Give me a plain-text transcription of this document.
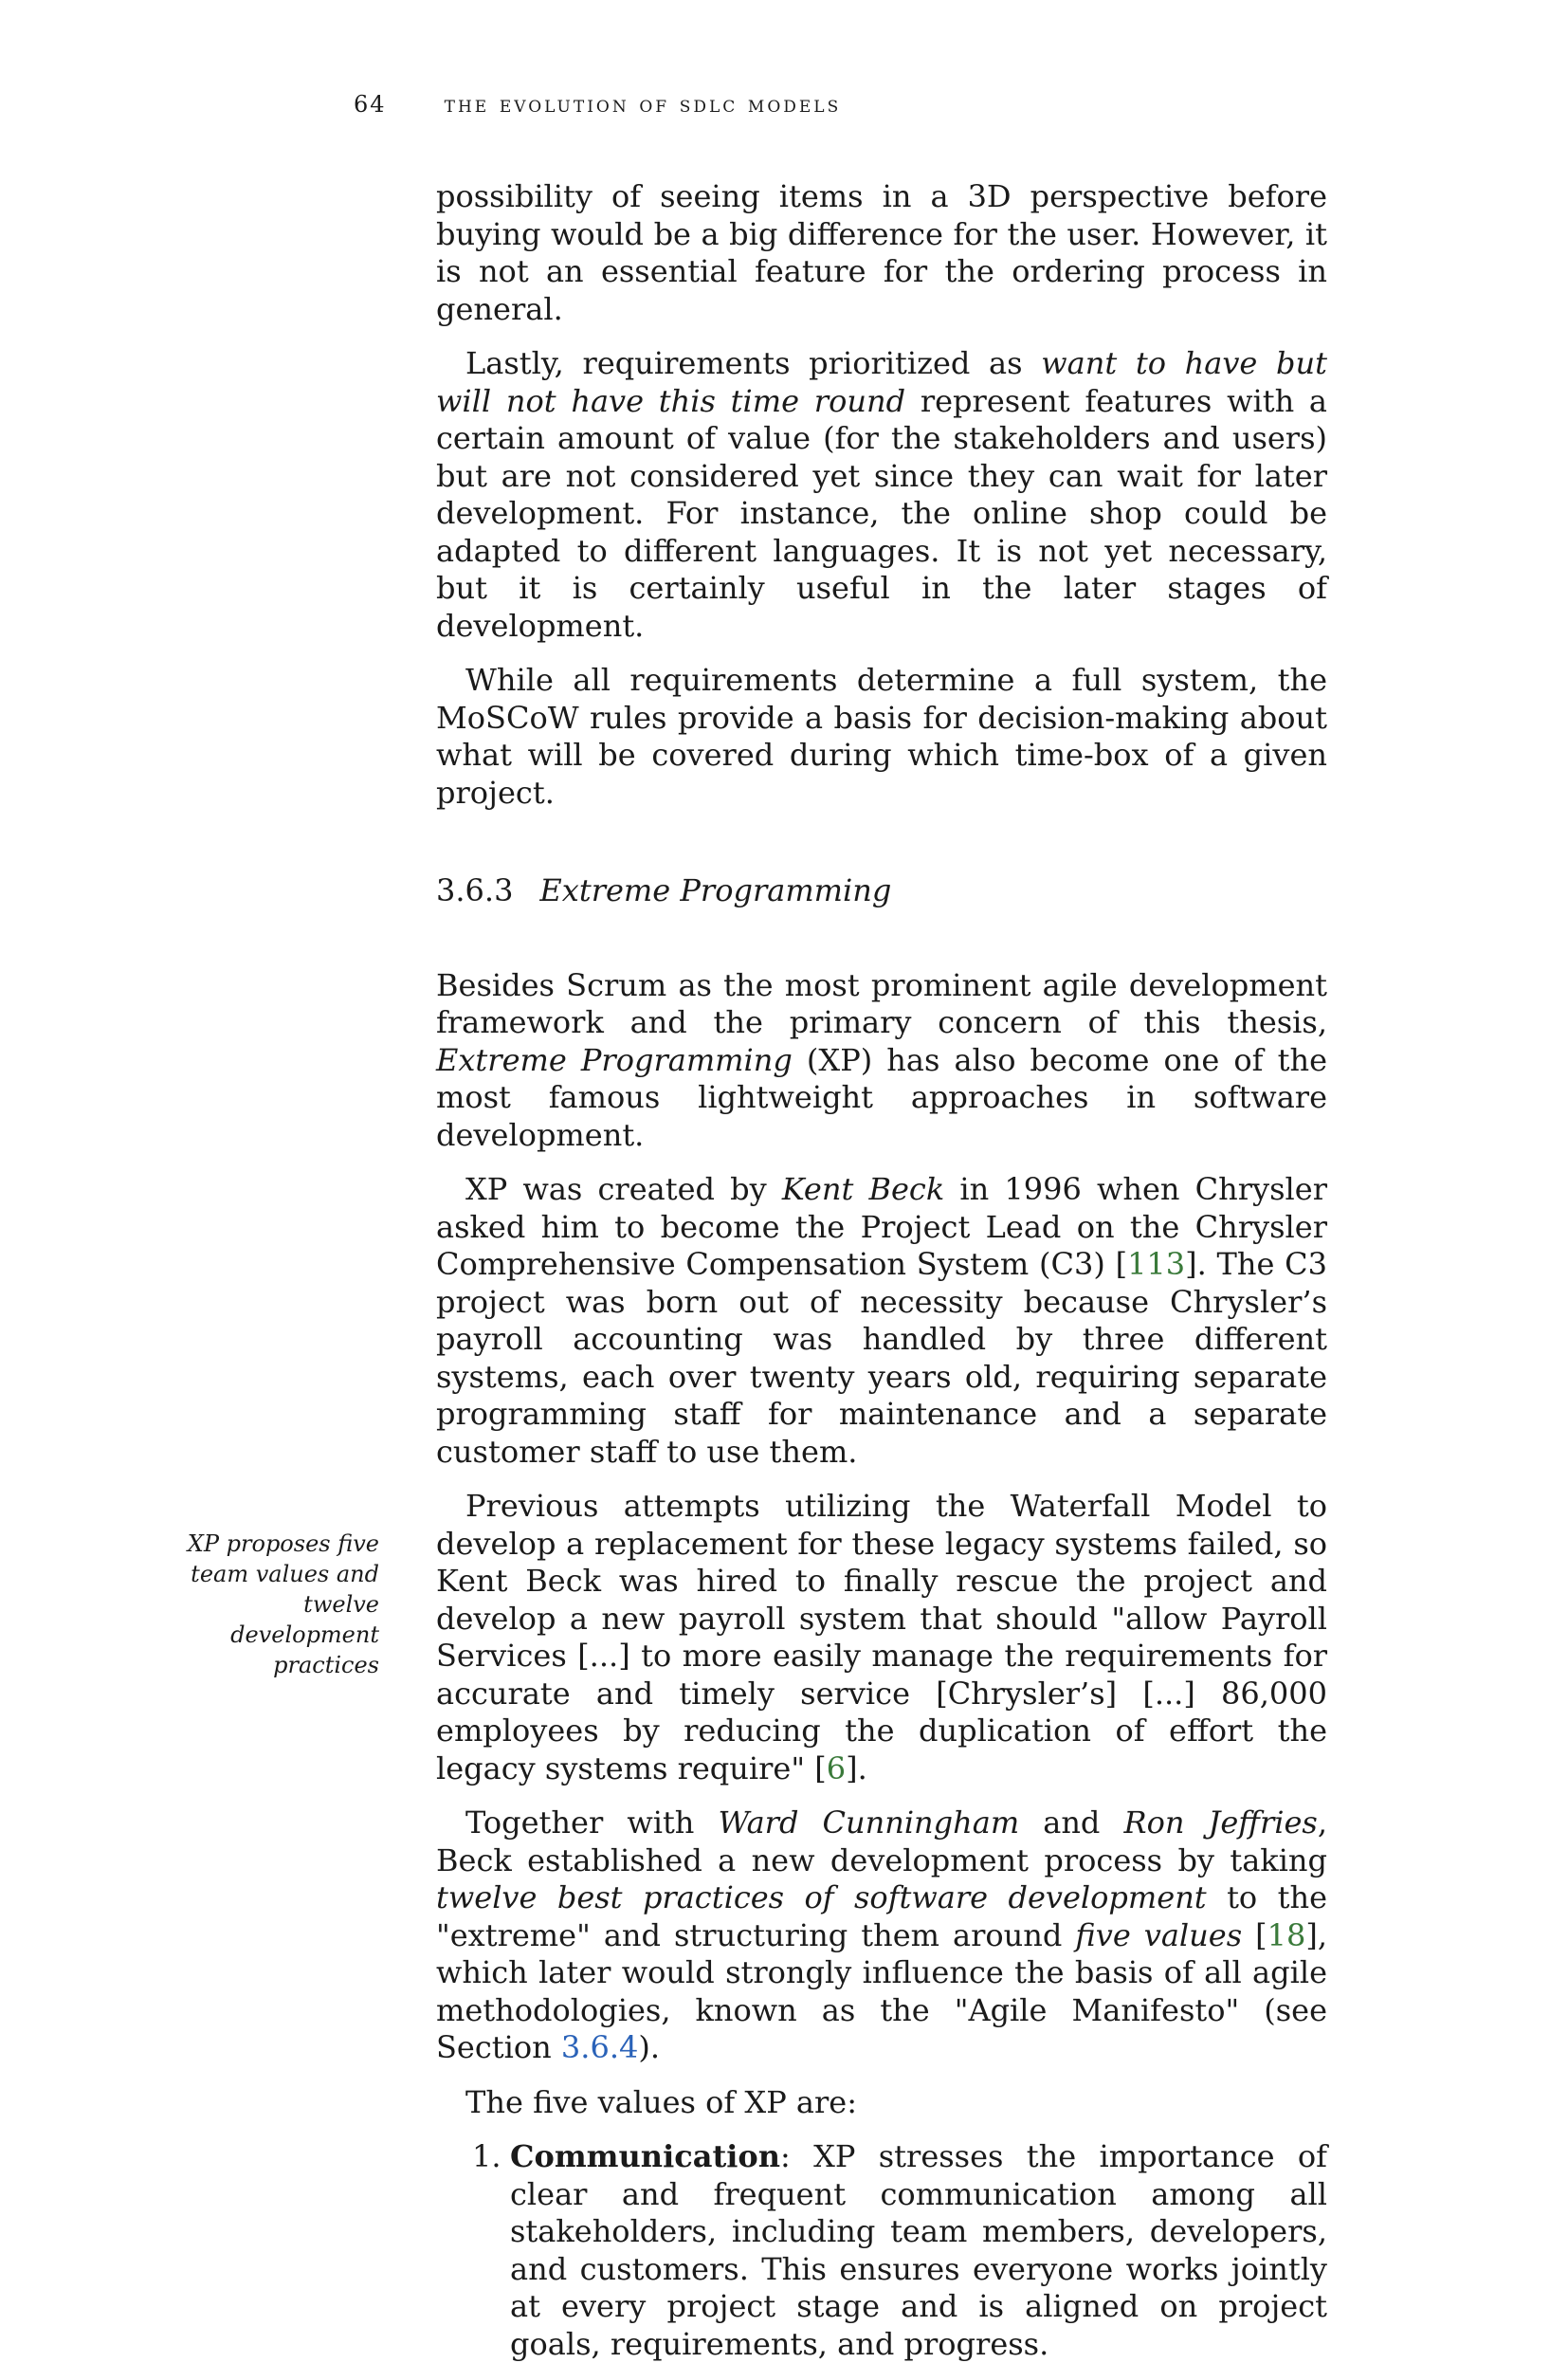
64	the evolution of sdlc models
XP proposes five team values and twelve development practices

possibility of seeing items in a 3D perspective before buying would be a big difference for the user. However, it is not an essential feature for the ordering process in general.

Lastly, requirements prioritized as want to have but will not have this time round represent features with a certain amount of value (for the stakeholders and users) but are not considered yet since they can wait for later development. For instance, the online shop could be adapted to different languages. It is not yet necessary, but it is certainly useful in the later stages of development.

While all requirements determine a full system, the MoSCoW rules provide a basis for decision-making about what will be covered during which time-box of a given project.

3.6.3 Extreme Programming

Besides Scrum as the most prominent agile development framework and the primary concern of this thesis, Extreme Programming (XP) has also become one of the most famous lightweight approaches in software development.

XP was created by Kent Beck in 1996 when Chrysler asked him to become the Project Lead on the Chrysler Comprehensive Compensation System (C3) [113]. The C3 project was born out of necessity because Chrysler’s payroll accounting was handled by three different systems, each over twenty years old, requiring separate programming staff for maintenance and a separate customer staff to use them.

Previous attempts utilizing the Waterfall Model to develop a replacement for these legacy systems failed, so Kent Beck was hired to finally rescue the project and develop a new payroll system that should "allow Payroll Services [...] to more easily manage the requirements for accurate and timely service [Chrysler’s] [...] 86,000 employees by reducing the duplication of effort the legacy systems require" [6].

Together with Ward Cunningham and Ron Jeffries, Beck established a new development process by taking twelve best practices of software development to the "extreme" and structuring them around five values [18], which later would strongly influence the basis of all agile methodologies, known as the "Agile Manifesto" (see Section 3.6.4).

The five values of XP are:

1. Communication: XP stresses the importance of clear and frequent communication among all stakeholders, including team members, developers, and customers. This ensures everyone works jointly at every project stage and is aligned on project goals, requirements, and progress.
